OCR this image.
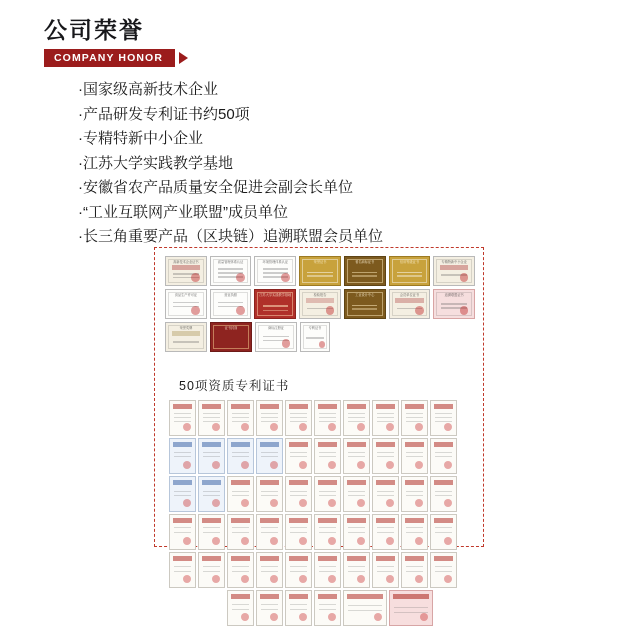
公司荣誉
COMPANY HONOR
·国家级高新技术企业
·产品研发专利证书约50项
·专精特新中小企业
·江苏大学实践教学基地
·安徽省农产品质量安全促进会副会长单位
·“工业互联网产业联盟”成员单位
·长三角重要产品（区块链）追溯联盟会员单位
高新技术企业证书	质量管理体系认证	环境管理体系认证	荣誉证书	著名商标证书	信用等级证书	专精特新中小企业
食品生产许可证	营业执照	江苏大学实践教学基地	检验报告	工业设计中心	会员单位证书	追溯联盟证书
荣誉奖牌	证书封面	商标注册证	专利证书
50项资质专利证书
